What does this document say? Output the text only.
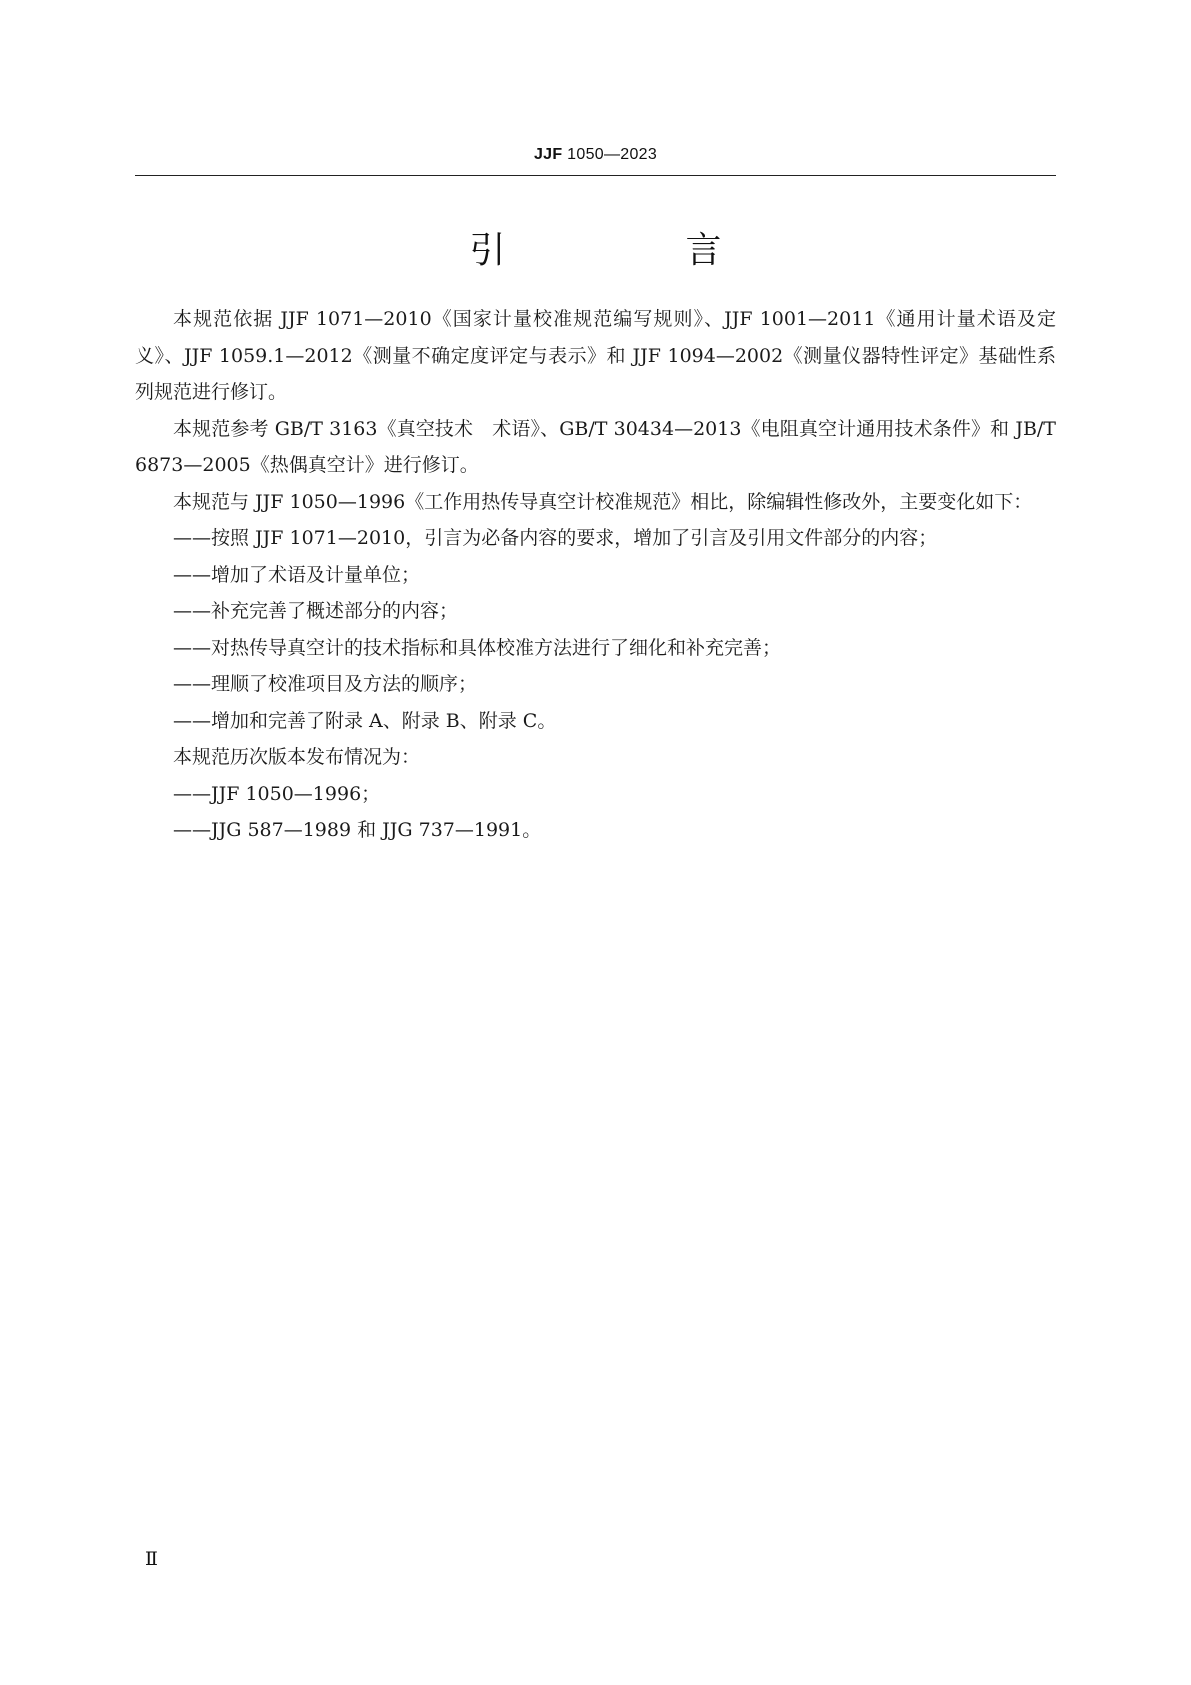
JJF 1050—2023
引　言

本规范依据 JJF 1071—2010《国家计量校准规范编写规则》、JJF 1001—2011《通用计量术语及定义》、JJF 1059.1—2012《测量不确定度评定与表示》和 JJF 1094—2002《测量仪器特性评定》基础性系列规范进行修订。

本规范参考 GB/T 3163《真空技术　术语》、GB/T 30434—2013《电阻真空计通用技术条件》和 JB/T 6873—2005《热偶真空计》进行修订。

本规范与 JJF 1050—1996《工作用热传导真空计校准规范》相比，除编辑性修改外，主要变化如下：

——按照 JJF 1071—2010，引言为必备内容的要求，增加了引言及引用文件部分的内容；

——增加了术语及计量单位；

——补充完善了概述部分的内容；

——对热传导真空计的技术指标和具体校准方法进行了细化和补充完善；

——理顺了校准项目及方法的顺序；

——增加和完善了附录 A、附录 B、附录 C。

本规范历次版本发布情况为：

——JJF 1050—1996；

——JJG 587—1989 和 JJG 737—1991。

Ⅱ
